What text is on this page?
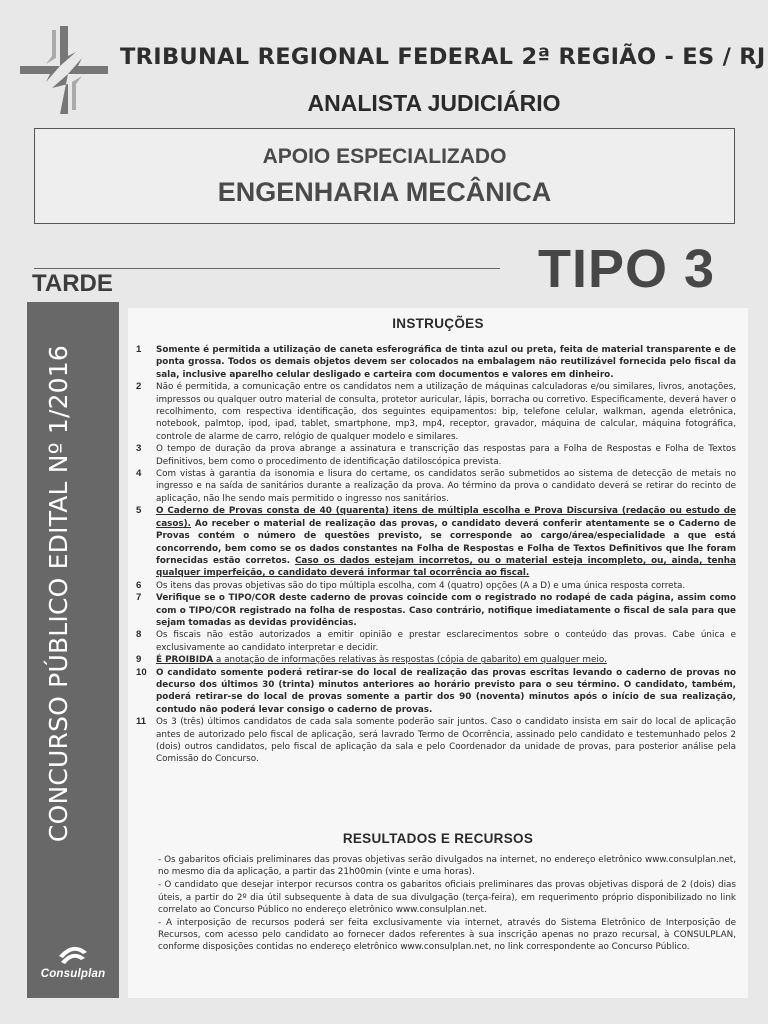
TRIBUNAL REGIONAL FEDERAL 2ª REGIÃO - ES / RJ
ANALISTA JUDICIÁRIO
APOIO ESPECIALIZADO
ENGENHARIA MECÂNICA
TIPO 3
TARDE
CONCURSO PÚBLICO EDITAL Nº 1/2016
Consulplan
INSTRUÇÕES
1	Somente é permitida a utilização de caneta esferográfica de tinta azul ou preta, feita de material transparente e de ponta grossa. Todos os demais objetos devem ser colocados na embalagem não reutilizável fornecida pelo fiscal da sala, inclusive aparelho celular desligado e carteira com documentos e valores em dinheiro.
2	Não é permitida, a comunicação entre os candidatos nem a utilização de máquinas calculadoras e/ou similares, livros, anotações, impressos ou qualquer outro material de consulta, protetor auricular, lápis, borracha ou corretivo. Especificamente, deverá haver o recolhimento, com respectiva identificação, dos seguintes equipamentos: bip, telefone celular, walkman, agenda eletrônica, notebook, palmtop, ipod, ipad, tablet, smartphone, mp3, mp4, receptor, gravador, máquina de calcular, máquina fotográfica, controle de alarme de carro, relógio de qualquer modelo e similares.
3	O tempo de duração da prova abrange a assinatura e transcrição das respostas para a Folha de Respostas e Folha de Textos Definitivos, bem como o procedimento de identificação datiloscópica prevista.
4	Com vistas à garantia da isonomia e lisura do certame, os candidatos serão submetidos ao sistema de detecção de metais no ingresso e na saída de sanitários durante a realização da prova. Ao término da prova o candidato deverá se retirar do recinto de aplicação, não lhe sendo mais permitido o ingresso nos sanitários.
5	O Caderno de Provas consta de 40 (quarenta) itens de múltipla escolha e Prova Discursiva (redação ou estudo de casos). Ao receber o material de realização das provas, o candidato deverá conferir atentamente se o Caderno de Provas contém o número de questões previsto, se corresponde ao cargo/área/especialidade a que está concorrendo, bem como se os dados constantes na Folha de Respostas e Folha de Textos Definitivos que lhe foram fornecidas estão corretos. Caso os dados estejam incorretos, ou o material esteja incompleto, ou, ainda, tenha qualquer imperfeição, o candidato deverá informar tal ocorrência ao fiscal.
6	Os itens das provas objetivas são do tipo múltipla escolha, com 4 (quatro) opções (A a D) e uma única resposta correta.
7	Verifique se o TIPO/COR deste caderno de provas coincide com o registrado no rodapé de cada página, assim como com o TIPO/COR registrado na folha de respostas. Caso contrário, notifique imediatamente o fiscal de sala para que sejam tomadas as devidas providências.
8	Os fiscais não estão autorizados a emitir opinião e prestar esclarecimentos sobre o conteúdo das provas. Cabe única e exclusivamente ao candidato interpretar e decidir.
9	É PROIBIDA a anotação de informações relativas às respostas (cópia de gabarito) em qualquer meio.
10	O candidato somente poderá retirar-se do local de realização das provas escritas levando o caderno de provas no decurso dos últimos 30 (trinta) minutos anteriores ao horário previsto para o seu término. O candidato, também, poderá retirar-se do local de provas somente a partir dos 90 (noventa) minutos após o início de sua realização, contudo não poderá levar consigo o caderno de provas.
11	Os 3 (três) últimos candidatos de cada sala somente poderão sair juntos. Caso o candidato insista em sair do local de aplicação antes de autorizado pelo fiscal de aplicação, será lavrado Termo de Ocorrência, assinado pelo candidato e testemunhado pelos 2 (dois) outros candidatos, pelo fiscal de aplicação da sala e pelo Coordenador da unidade de provas, para posterior análise pela Comissão do Concurso.
RESULTADOS E RECURSOS

- Os gabaritos oficiais preliminares das provas objetivas serão divulgados na internet, no endereço eletrônico www.consulplan.net, no mesmo dia da aplicação, a partir das 21h00min (vinte e uma horas).

- O candidato que desejar interpor recursos contra os gabaritos oficiais preliminares das provas objetivas disporá de 2 (dois) dias úteis, a partir do 2º dia útil subsequente à data de sua divulgação (terça-feira), em requerimento próprio disponibilizado no link correlato ao Concurso Público no endereço eletrônico www.consulplan.net.

- A interposição de recursos poderá ser feita exclusivamente via internet, através do Sistema Eletrônico de Interposição de Recursos, com acesso pelo candidato ao fornecer dados referentes à sua inscrição apenas no prazo recursal, à CONSULPLAN, conforme disposições contidas no endereço eletrônico www.consulplan.net, no link correspondente ao Concurso Público.
